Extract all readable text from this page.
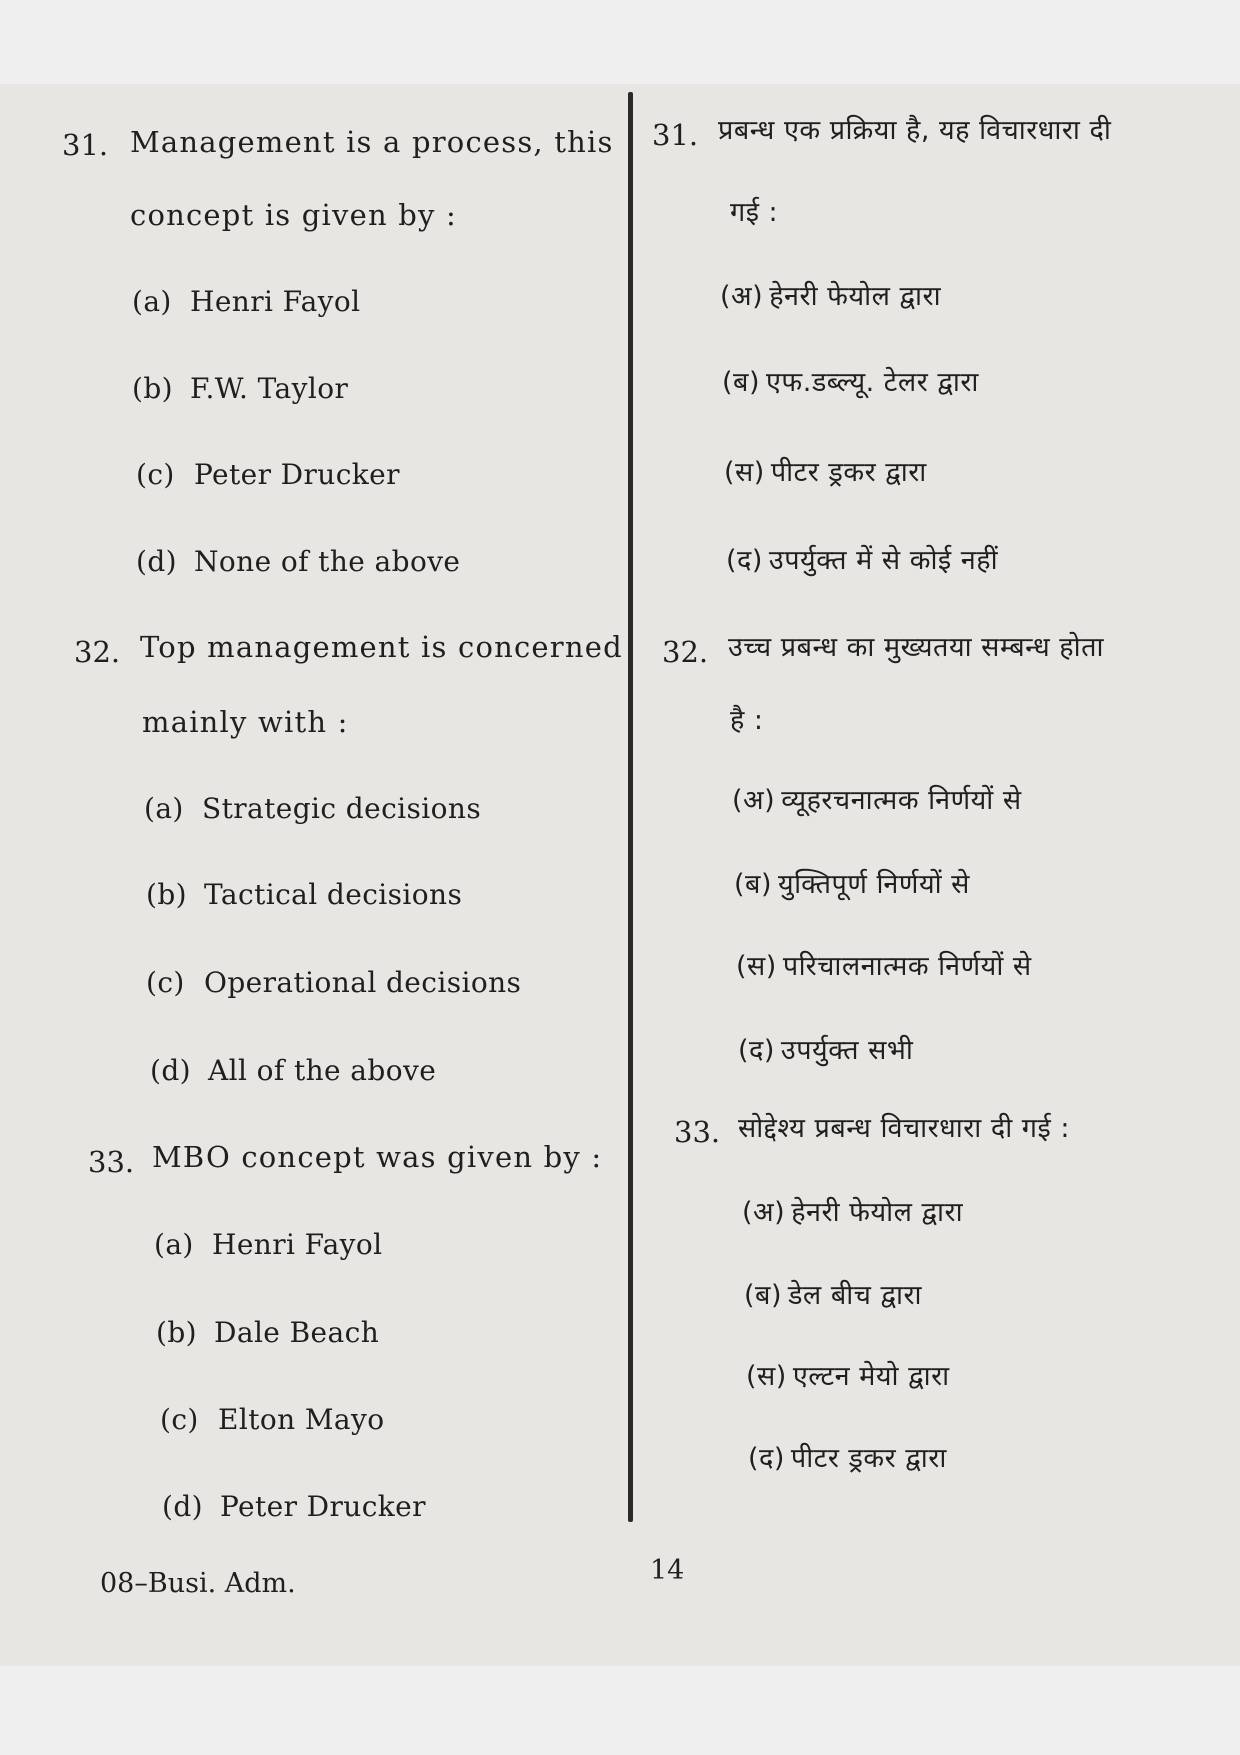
31. Management is a process, this
concept is given by :
(a) Henri Fayol
(b) F.W. Taylor
(c) Peter Drucker
(d) None of the above
32. Top management is concerned
mainly with :
(a) Strategic decisions
(b) Tactical decisions
(c) Operational decisions
(d) All of the above
33. MBO concept was given by :
(a) Henri Fayol
(b) Dale Beach
(c) Elton Mayo
(d) Peter Drucker
31. प्रबन्ध एक प्रक्रिया है, यह विचारधारा दी
गई :
(अ) हेनरी फेयोल द्वारा
(ब) एफ.डब्ल्यू. टेलर द्वारा
(स) पीटर ड्रकर द्वारा
(द) उपर्युक्त में से कोई नहीं
32. उच्च प्रबन्ध का मुख्यतया सम्बन्ध होता
है :
(अ) व्यूहरचनात्मक निर्णयों से
(ब) युक्तिपूर्ण निर्णयों से
(स) परिचालनात्मक निर्णयों से
(द) उपर्युक्त सभी
33. सोद्देश्य प्रबन्ध विचारधारा दी गई :
(अ) हेनरी फेयोल द्वारा
(ब) डेल बीच द्वारा
(स) एल्टन मेयो द्वारा
(द) पीटर ड्रकर द्वारा
08–Busi. Adm.	14
